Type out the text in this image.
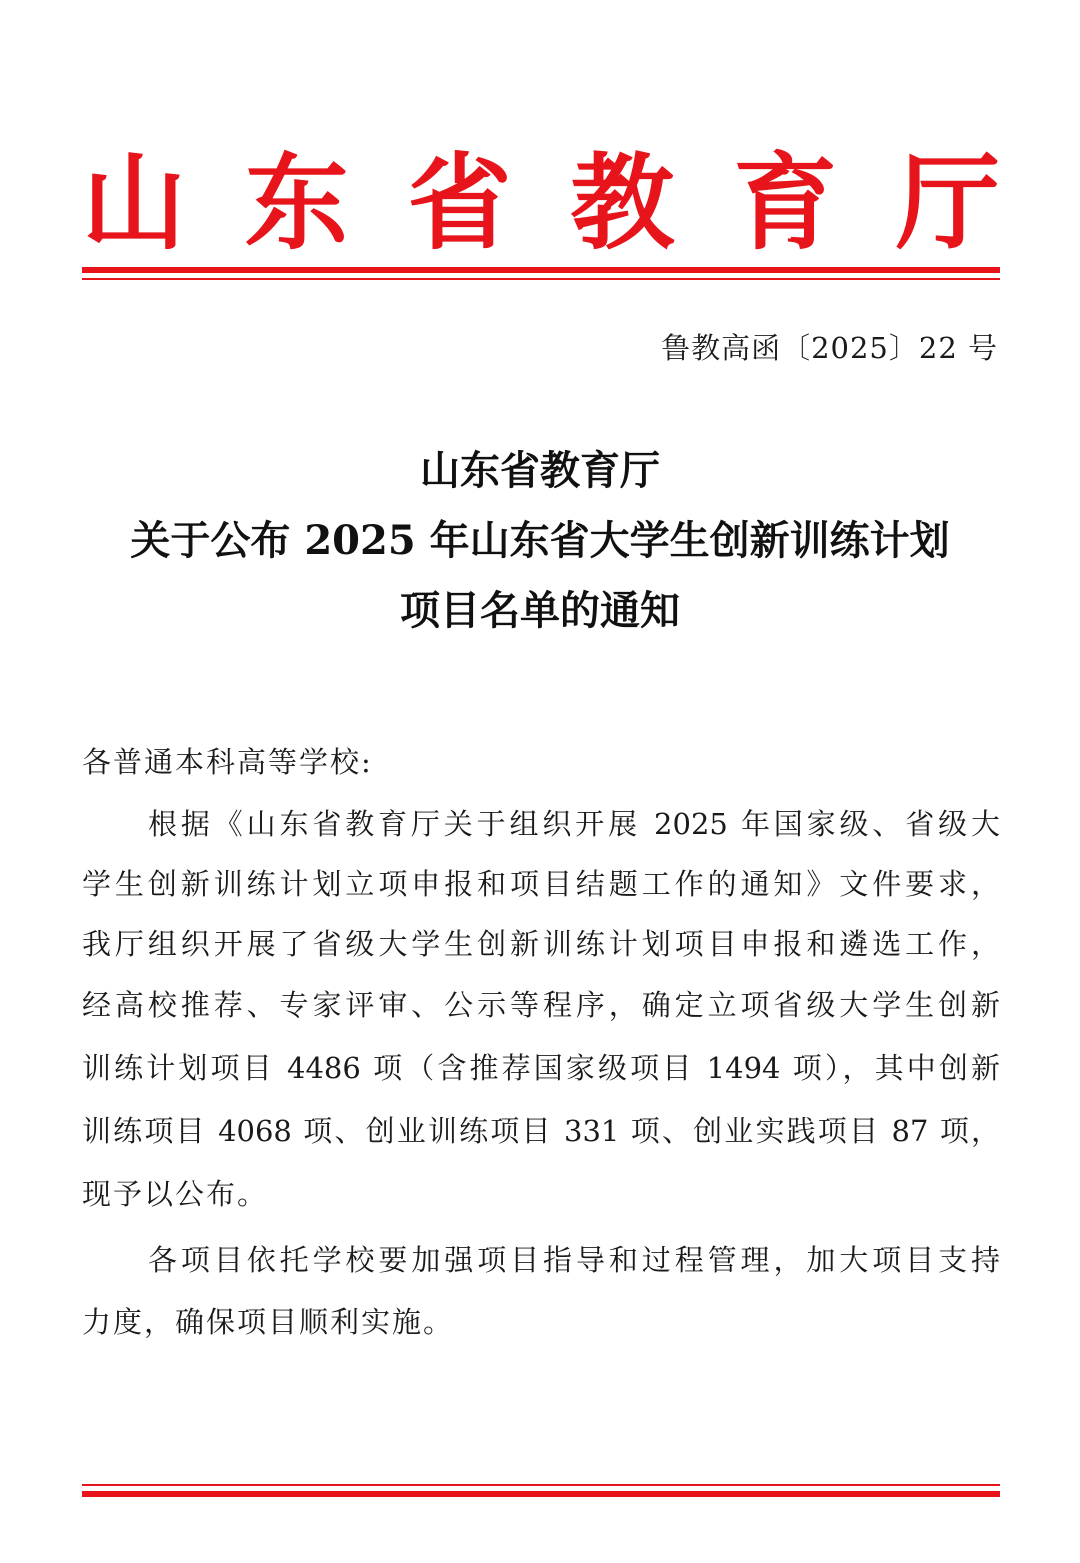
山 东 省 教 育 厅
鲁教高函〔2025〕22 号
山东省教育厅
关于公布 2025 年山东省大学生创新训练计划
项目名单的通知
各普通本科高等学校:
根据《山东省教育厅关于组织开展 2025 年国家级、省级大
学生创新训练计划立项申报和项目结题工作的通知》文件要求，
我厅组织开展了省级大学生创新训练计划项目申报和遴选工作，
经高校推荐、专家评审、公示等程序，确定立项省级大学生创新
训练计划项目 4486 项（含推荐国家级项目 1494 项），其中创新
训练项目 4068 项、创业训练项目 331 项、创业实践项目 87 项，
现予以公布。
各项目依托学校要加强项目指导和过程管理，加大项目支持
力度，确保项目顺利实施。
